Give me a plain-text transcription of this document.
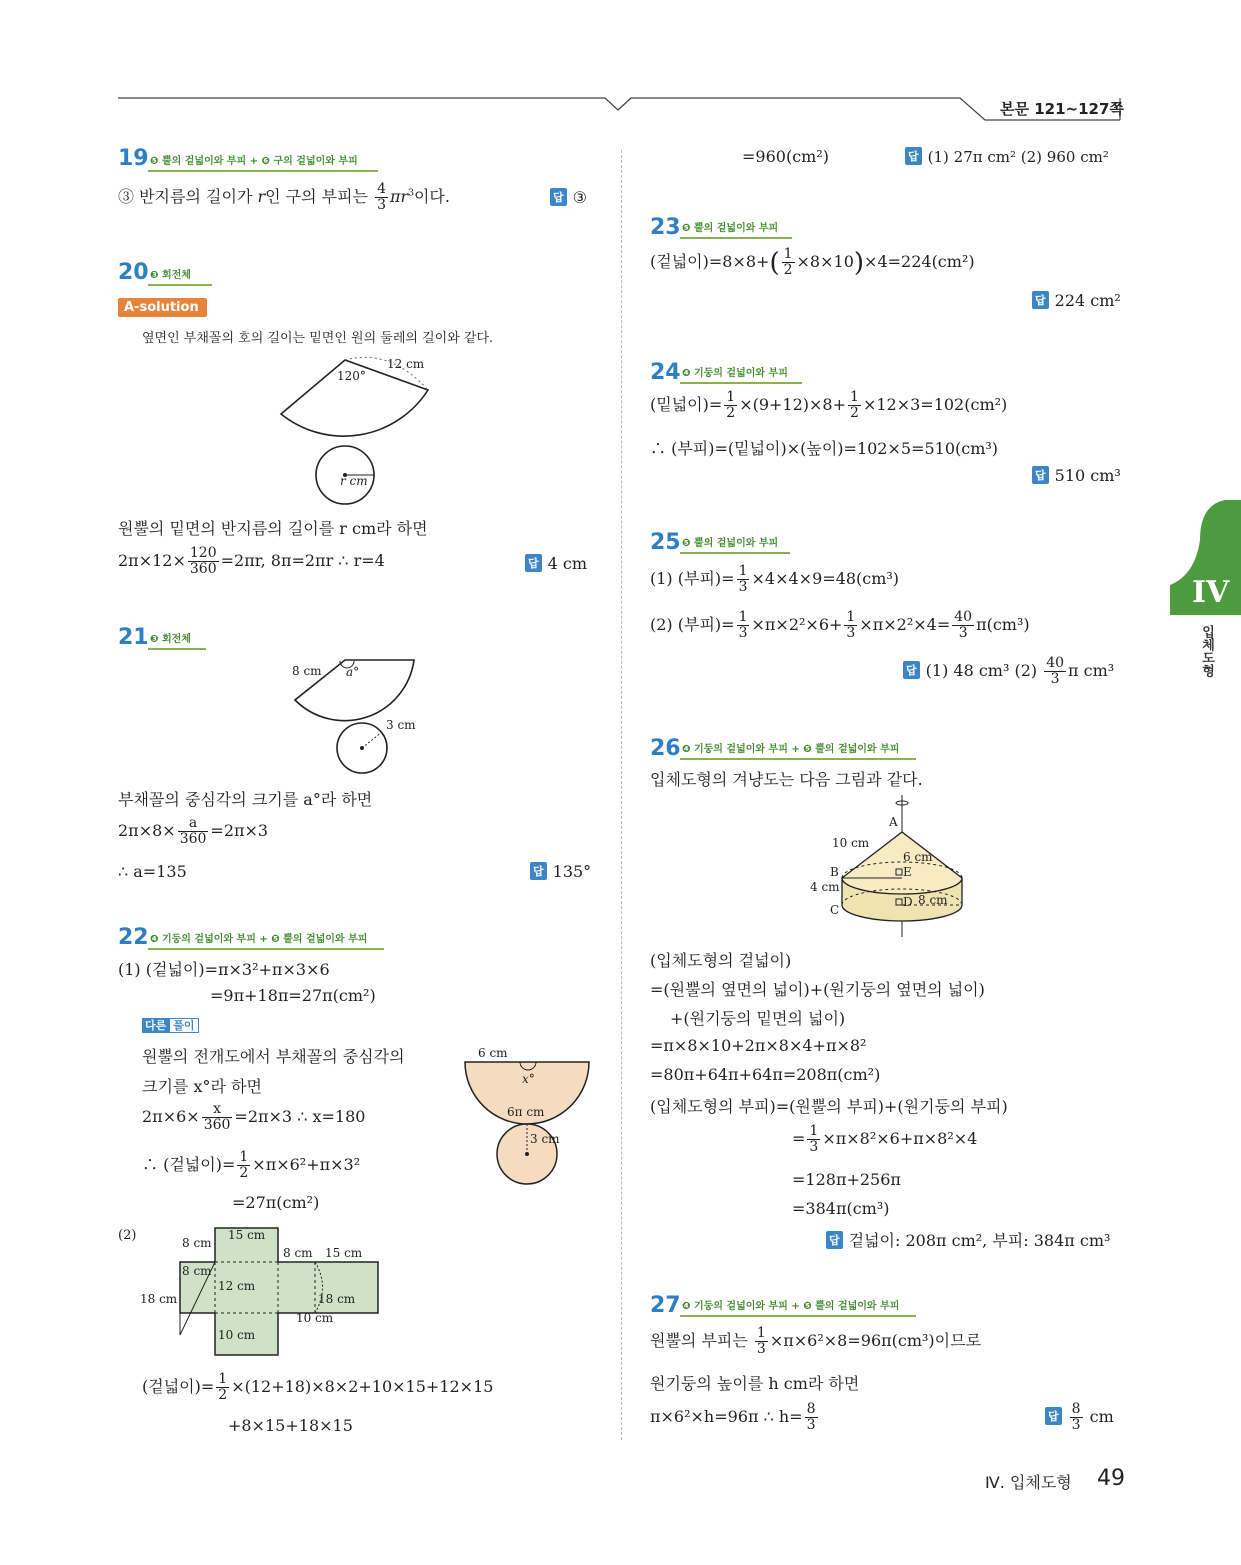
본문 121~127쪽
IV
입체도형
19 ❺ 뿔의 겉넓이와 부피 + ❻ 구의 겉넓이와 부피
③ 반지름의 길이가 r인 구의 부피는 $\frac{4}{3} \pi r^3$이다.	답 ③
20 ❸ 회전체
A-solution
옆면인 부채꼴의 호의 길이는 밑면인 원의 둘레의 길이와 같다.
12 cm
120°
r cm
원뿔의 밑면의 반지름의 길이를 r cm라 하면
$2\pi\times 12\times \frac{120}{360} =2\pi r$, 8π=2πr ∴ r=4	답 4 cm
21 ❸ 회전체
8 cm a°
3 cm
부채꼴의 중심각의 크기를 a°라 하면
$2\pi\times 8\times \frac{a}{360} =2\pi\times 3$
∴ a=135	답 135°
22 ❹ 기둥의 겉넓이와 부피 + ❺ 뿔의 겉넓이와 부피
(1) (겉넓이)=π×3²+π×3×6
=9π+18π=27π(cm²)
다른 풀이
원뿔의 전개도에서 부채꼴의 중심각의
크기를 x°라 하면
$2\pi\times 6\times \frac{x}{360} =2\pi\times 3$ ∴ x=180
∴ (겉넓이)= $\frac{1}{2} \times\pi\times 6^2+\pi\times 3^2$
=27π(cm²)
6 cm
x°
6π cm
3 cm
(2)	15 cm
8 cm
8 cm 15 cm
8 cm
12 cm
18 cm	18 cm
10 cm
10 cm
(겉넓이)= $\frac{1}{2} \times(12+18)\times 8\times 2+10\times 15+12\times 15$
+8×15+18×15
=960(cm²)	답 (1) 27π cm² (2) 960 cm²
23 ❺ 뿔의 겉넓이와 부피
(겉넓이)$=8\times 8+( \frac{1}{2} \times 8\times 10)\times 4=224(cm^2)$
답 224 cm²
24 ❹ 기둥의 겉넓이와 부피
(밑넓이)= $\frac{1}{2} \times(9+12)\times 8+ \frac{1}{2} \times 12\times 3=102(cm^2)$
∴ (부피)=(밑넓이)×(높이)=102×5=510(cm³)
답 510 cm³
25 ❺ 뿔의 겉넓이와 부피
(1) (부피)= $\frac{1}{3} \times 4\times 4\times 9=48(cm^3)$
(2) (부피)= $\frac{1}{3} \times\pi\times 2^2\times 6+ \frac{1}{3} \times\pi\times 2^2\times 4= \frac{40}{3} \pi(cm^3)$
답 (1) 48 cm³ $(2) \frac{40}{3}$ π cm³
26 ❹ 기둥의 겉넓이와 부피 + ❺ 뿔의 겉넓이와 부피
입체도형의 겨냥도는 다음 그림과 같다.
A
B
C
D
E
10 cm
6 cm
4 cm
8 cm
(입체도형의 겉넓이)
=(원뿔의 옆면의 넓이)+(원기둥의 옆면의 넓이)
+(원기둥의 밑면의 넓이)
=π×8×10+2π×8×4+π×8²
=80π+64π+64π=208π(cm²)
(입체도형의 부피)=(원뿔의 부피)+(원기둥의 부피)
= $\frac{1}{3} \times\pi\times 8^2\times 6+\pi\times 8^2\times 4$
=128π+256π
=384π(cm³)
답 겉넓이: 208π cm², 부피: 384π cm³
27 ❹ 기둥의 겉넓이와 부피 + ❺ 뿔의 겉넓이와 부피
원뿔의 부피는 $\frac{1}{3} \times\pi\times 6^2\times 8=96\pi(cm^3)$이므로
원기둥의 높이를 h cm라 하면
π×6²×h=96π ∴ $h= \frac{8}{3}$	답 $\frac{8}{3}$ cm
Ⅳ. 입체도형 49
